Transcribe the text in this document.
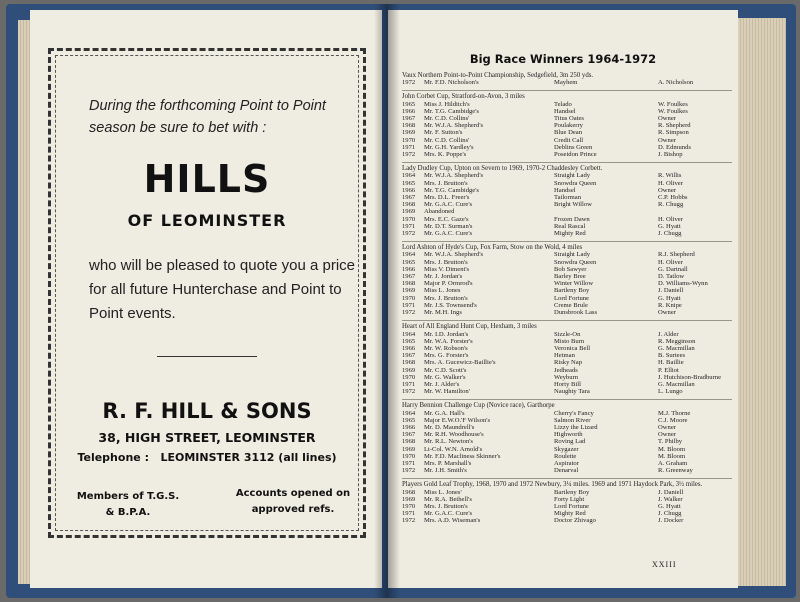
During the forthcoming Point to Point season be sure to bet with :
HILLS
OF LEOMINSTER
who will be pleased to quote you a price for all future Hunterchase and Point to Point events.
R. F. HILL & SONS
38, HIGH STREET, LEOMINSTER
Telephone : LEOMINSTER 3112 (all lines)
Members of T.G.S. & B.P.A.
Accounts opened on approved refs.
Big Race Winners 1964-1972
Vaux Northern Point-to-Point Championship, Sedgefield, 3m 250 yds.
1972	Mr. F.D. Nicholson's	Mayhem	A. Nicholson
John Corbet Cup, Stratford-on-Avon, 3 miles
1965	Miss J. Hilditch's	Telado	W. Foulkes
1966	Mr. T.G. Cambidge's	Handsel	W. Foulkes
1967	Mr. C.D. Collins'	Titus Oates	Owner
1968	Mr. W.J.A. Shepherd's	Poulakerry	R. Shepherd
1969	Mr. F. Sutton's	Blue Dean	R. Simpson
1970	Mr. C.D. Collins'	Credit Call	Owner
1971	Mr. G.H. Yardley's	Deblins Green	D. Edmunds
1972	Mrs. K. Poppe's	Poseidon Prince	J. Bishop
Lady Dudley Cup, Upton on Severn to 1969, 1970-2 Chaddesley Corbett.
1964	Mr. W.J.A. Shepherd's	Straight Lady	R. Willis
1965	Mrs. J. Brutton's	Snowdra Queen	H. Oliver
1966	Mr. T.G. Cambidge's	Handsel	Owner
1967	Mrs. D.L. Freer's	Tailorman	C.P. Hobbs
1968	Mr. G.A.C. Cure's	Bright Willow	R. Chugg
1969	Abandoned
1970	Mrs. E.C. Gaze's	Frozen Dawn	H. Oliver
1971	Mr. D.T. Surman's	Real Rascal	G. Hyatt
1972	Mr. G.A.C. Cure's	Mighty Red	J. Chugg
Lord Ashton of Hyde's Cup, Fox Farm, Stow on the Wold, 4 miles
1964	Mr. W.J.A. Shepherd's	Straight Lady	R.J. Shepherd
1965	Mrs. J. Brutton's	Snowdra Queen	H. Oliver
1966	Miss V. Diment's	Bob Sawyer	G. Dartnall
1967	Mr. J. Jordan's	Barley Bree	D. Tatlow
1968	Major P. Ormrod's	Winter Willow	D. Williams-Wynn
1969	Miss L. Jones	Bartleny Boy	J. Daniell
1970	Mrs. J. Brutton's	Lord Fortune	G. Hyatt
1971	Mr. J.S. Townsend's	Creme Brule	R. Knipe
1972	Mr. M.H. Ings	Dunsbrook Lass	Owner
Heart of All England Hunt Cup, Hexham, 3 miles
1964	Mr. I.D. Jordan's	Sizzle-On	J. Alder
1965	Mr. W.A. Forster's	Misto Burn	R. Megginson
1966	Mr. W. Robson's	Veronica Bell	G. Macmillan
1967	Mrs. G. Forster's	Hetman	B. Surtees
1968	Mrs. A. Gucewicz-Baillie's	Risky Nap	H. Baillie
1969	Mr. C.D. Scott's	Jedheads	P. Elliot
1970	Mr. G. Walker's	Weyburn	J. Hutchison-Bradburne
1971	Mr. J. Alder's	Horty Bill	G. Macmillan
1972	Mr. W. Hamilton'	Naughty Tara	L. Lungo
Harry Bennion Challenge Cup (Novice race), Garthorpe
1964	Mr. G.A. Hall's	Cherry's Fancy	M.J. Thorne
1965	Major E.W.O.'F Wilson's	Salmon River	C.J. Moore
1966	Mr. D. Maundrell's	Lizzy the Lizard	Owner
1967	Mr. R.H. Woodhouse's	Highworth	Owner
1968	Mr. R.L. Newton's	Roving Lad	T. Philby
1969	Lt-Col. W.N. Arnold's	Skygazer	M. Bloom
1970	Mr. F.D. Macliness Skinner's	Roulette	M. Bloom
1971	Mrs. P. Marshall's	Aspirator	A. Graham
1972	Mr. J.H. Smith's	Denarval	R. Greenway
Players Gold Leaf Trophy, 1968, 1970 and 1972 Newbury, 3¼ miles. 1969 and 1971 Haydock Park, 3½ miles.
1968	Miss L. Jones'	Bartleny Boy	J. Daniell
1969	Mr. R.A. Bethell's	Forty Light	J. Walker
1970	Mrs. J. Brutton's	Lord Fortune	G. Hyatt
1971	Mr. G.A.C. Cure's	Mighty Red	J. Chugg
1972	Mrs. A.D. Wiseman's	Doctor Zhivago	J. Docker
XXIII
